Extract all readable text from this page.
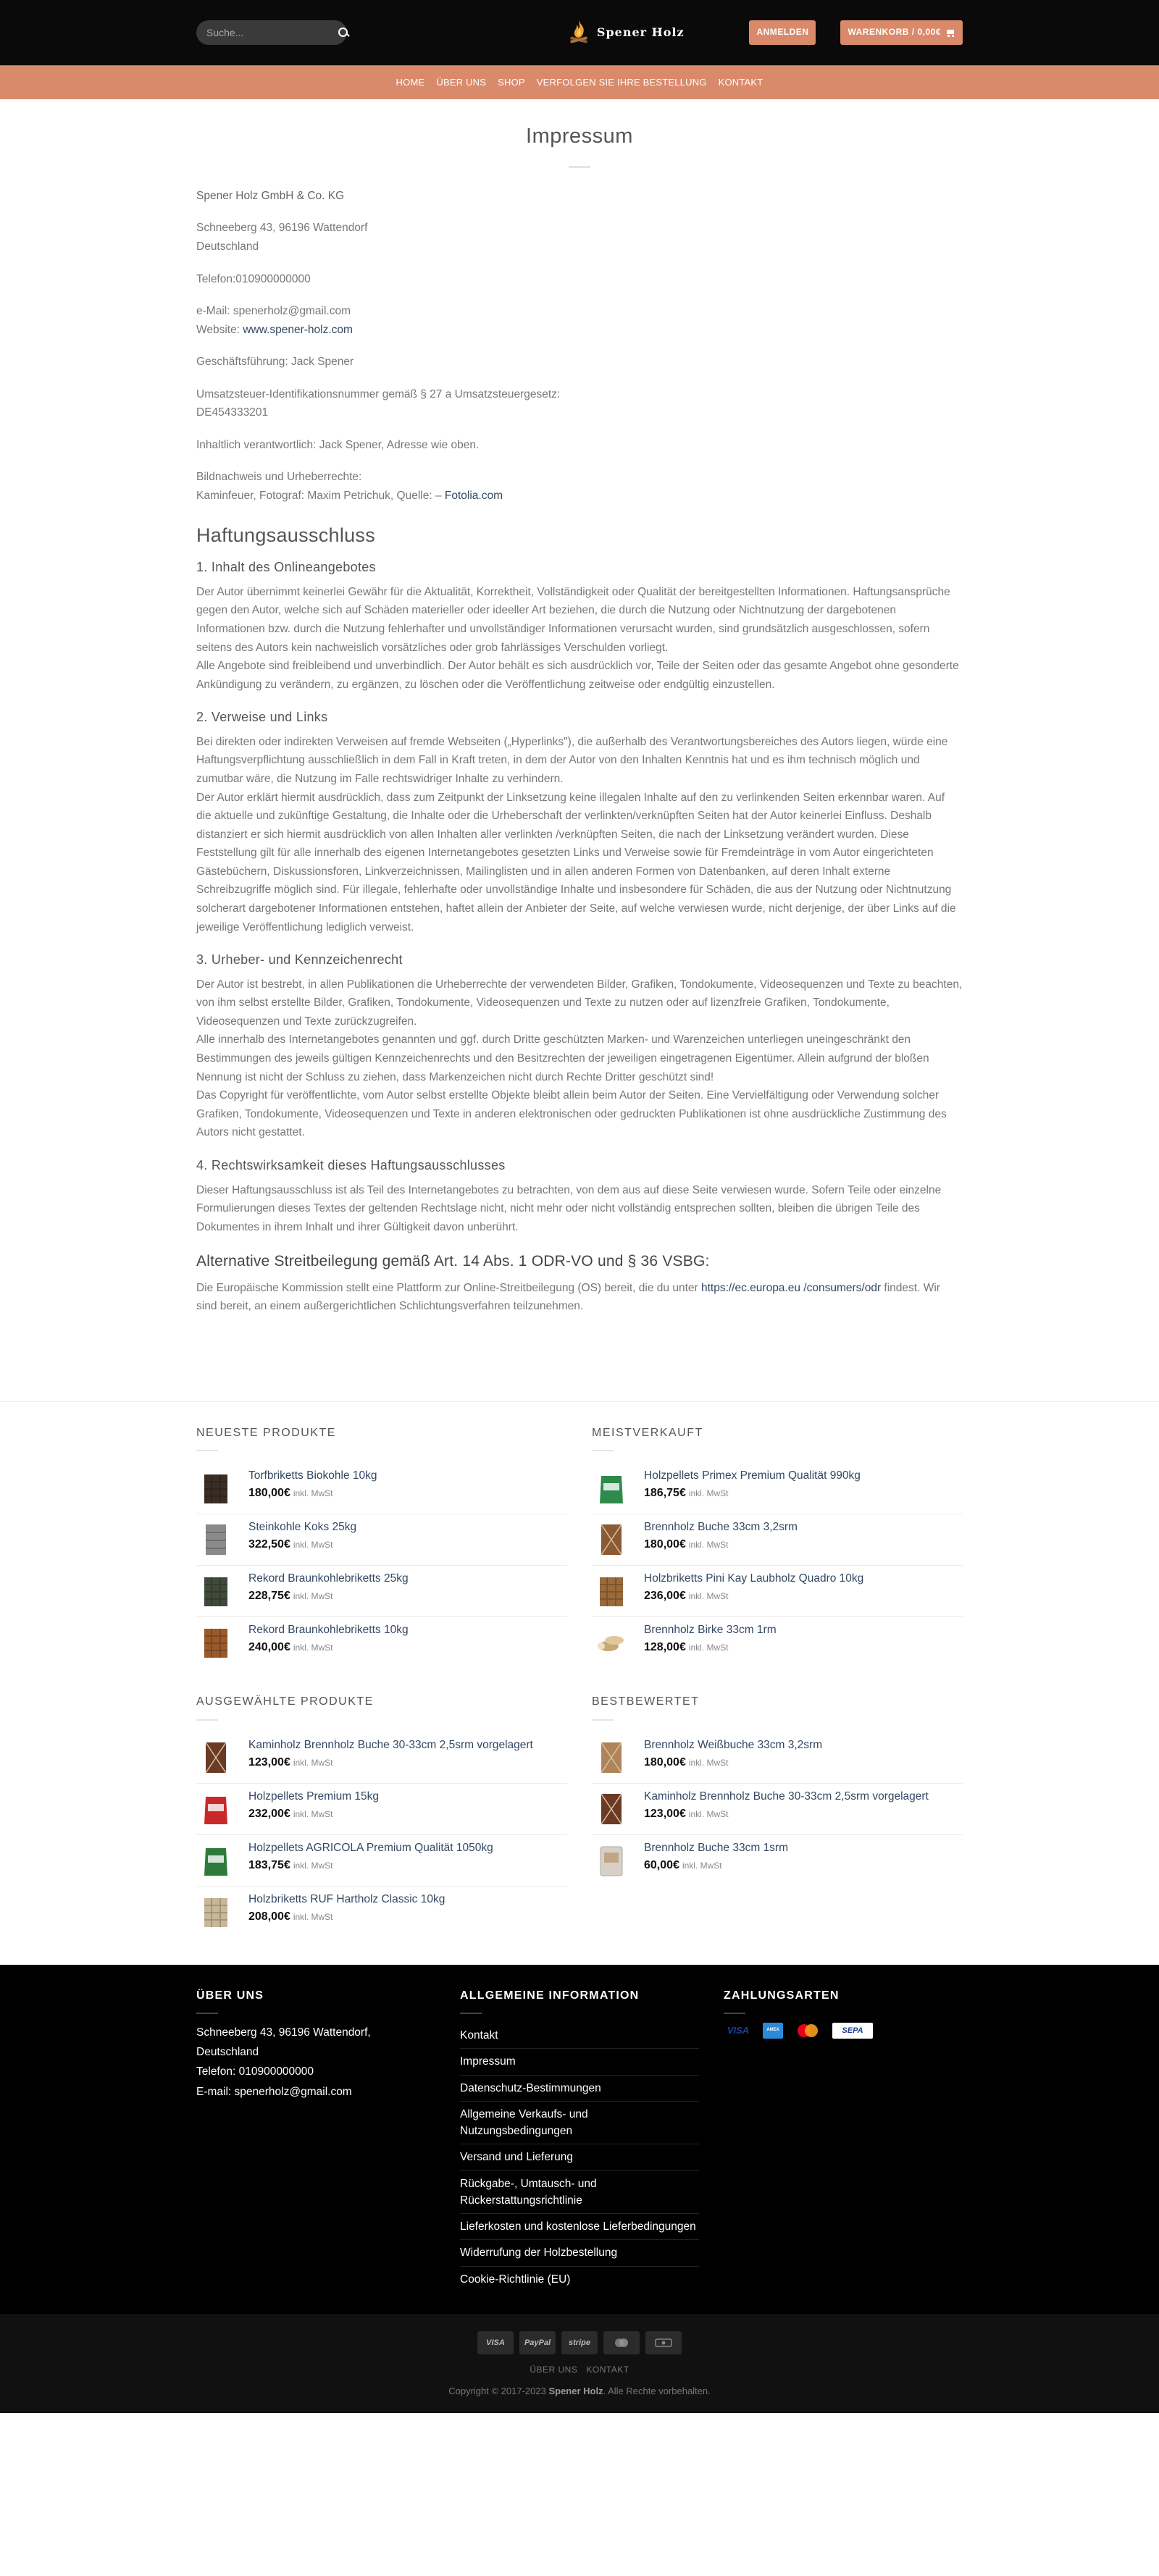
Suche...
Spener Holz	ANMELDEN	WARENKORB / 0,00€
HOME ÜBER UNS SHOP VERFOLGEN SIE IHRE BESTELLUNG KONTAKT
Impressum

Spener Holz GmbH & Co. KG

Schneeberg 43, 96196 Wattendorf
Deutschland

Telefon:010900000000

e-Mail: spenerholz@gmail.com
Website: www.spener-holz.com

Geschäftsführung: Jack Spener

Umsatzsteuer-Identifikationsnummer gemäß § 27 a Umsatzsteuergesetz:
DE454333201

Inhaltlich verantwortlich: Jack Spener, Adresse wie oben.

Bildnachweis und Urheberrechte:
Kaminfeuer, Fotograf: Maxim Petrichuk, Quelle: – Fotolia.com

Haftungsausschluss
1. Inhalt des Onlineangebotes
Der Autor übernimmt keinerlei Gewähr für die Aktualität, Korrektheit, Vollständigkeit oder Qualität der bereitgestellten Informationen. Haftungsansprüche gegen den Autor, welche sich auf Schäden materieller oder ideeller Art beziehen, die durch die Nutzung oder Nichtnutzung der dargebotenen Informationen bzw. durch die Nutzung fehlerhafter und unvollständiger Informationen verursacht wurden, sind grundsätzlich ausgeschlossen, sofern seitens des Autors kein nachweislich vorsätzliches oder grob fahrlässiges Verschulden vorliegt.
Alle Angebote sind freibleibend und unverbindlich. Der Autor behält es sich ausdrücklich vor, Teile der Seiten oder das gesamte Angebot ohne gesonderte Ankündigung zu verändern, zu ergänzen, zu löschen oder die Veröffentlichung zeitweise oder endgültig einzustellen.
2. Verweise und Links
Bei direkten oder indirekten Verweisen auf fremde Webseiten („Hyperlinks"), die außerhalb des Verantwortungsbereiches des Autors liegen, würde eine Haftungsverpflichtung ausschließlich in dem Fall in Kraft treten, in dem der Autor von den Inhalten Kenntnis hat und es ihm technisch möglich und zumutbar wäre, die Nutzung im Falle rechtswidriger Inhalte zu verhindern.
Der Autor erklärt hiermit ausdrücklich, dass zum Zeitpunkt der Linksetzung keine illegalen Inhalte auf den zu verlinkenden Seiten erkennbar waren. Auf die aktuelle und zukünftige Gestaltung, die Inhalte oder die Urheberschaft der verlinkten/verknüpften Seiten hat der Autor keinerlei Einfluss. Deshalb distanziert er sich hiermit ausdrücklich von allen Inhalten aller verlinkten /verknüpften Seiten, die nach der Linksetzung verändert wurden. Diese Feststellung gilt für alle innerhalb des eigenen Internetangebotes gesetzten Links und Verweise sowie für Fremdeinträge in vom Autor eingerichteten Gästebüchern, Diskussionsforen, Linkverzeichnissen, Mailinglisten und in allen anderen Formen von Datenbanken, auf deren Inhalt externe Schreibzugriffe möglich sind. Für illegale, fehlerhafte oder unvollständige Inhalte und insbesondere für Schäden, die aus der Nutzung oder Nichtnutzung solcherart dargebotener Informationen entstehen, haftet allein der Anbieter der Seite, auf welche verwiesen wurde, nicht derjenige, der über Links auf die jeweilige Veröffentlichung lediglich verweist.
3. Urheber- und Kennzeichenrecht
Der Autor ist bestrebt, in allen Publikationen die Urheberrechte der verwendeten Bilder, Grafiken, Tondokumente, Videosequenzen und Texte zu beachten, von ihm selbst erstellte Bilder, Grafiken, Tondokumente, Videosequenzen und Texte zu nutzen oder auf lizenzfreie Grafiken, Tondokumente, Videosequenzen und Texte zurückzugreifen.
Alle innerhalb des Internetangebotes genannten und ggf. durch Dritte geschützten Marken- und Warenzeichen unterliegen uneingeschränkt den Bestimmungen des jeweils gültigen Kennzeichenrechts und den Besitzrechten der jeweiligen eingetragenen Eigentümer. Allein aufgrund der bloßen Nennung ist nicht der Schluss zu ziehen, dass Markenzeichen nicht durch Rechte Dritter geschützt sind!
Das Copyright für veröffentlichte, vom Autor selbst erstellte Objekte bleibt allein beim Autor der Seiten. Eine Vervielfältigung oder Verwendung solcher Grafiken, Tondokumente, Videosequenzen und Texte in anderen elektronischen oder gedruckten Publikationen ist ohne ausdrückliche Zustimmung des Autors nicht gestattet.
4. Rechtswirksamkeit dieses Haftungsausschlusses
Dieser Haftungsausschluss ist als Teil des Internetangebotes zu betrachten, von dem aus auf diese Seite verwiesen wurde. Sofern Teile oder einzelne Formulierungen dieses Textes der geltenden Rechtslage nicht, nicht mehr oder nicht vollständig entsprechen sollten, bleiben die übrigen Teile des Dokumentes in ihrem Inhalt und ihrer Gültigkeit davon unberührt.
Alternative Streitbeilegung gemäß Art. 14 Abs. 1 ODR-VO und § 36 VSBG:
Die Europäische Kommission stellt eine Plattform zur Online-Streitbeilegung (OS) bereit, die du unter https://ec.europa.eu /consumers/odr findest. Wir sind bereit, an einem außergerichtlichen Schlichtungsverfahren teilzunehmen.
NEUESTE PRODUKTE
Torfbriketts Biokohle 10kg
180,00€ inkl. MwSt
Steinkohle Koks 25kg
322,50€ inkl. MwSt
Rekord Braunkohlebriketts 25kg
228,75€ inkl. MwSt
Rekord Braunkohlebriketts 10kg
240,00€ inkl. MwSt
MEISTVERKAUFT
Holzpellets Primex Premium Qualität 990kg
186,75€ inkl. MwSt
Brennholz Buche 33cm 3,2srm
180,00€ inkl. MwSt
Holzbriketts Pini Kay Laubholz Quadro 10kg
236,00€ inkl. MwSt
Brennholz Birke 33cm 1rm
128,00€ inkl. MwSt
AUSGEWÄHLTE PRODUKTE
Kaminholz Brennholz Buche 30-33cm 2,5srm vorgelagert
123,00€ inkl. MwSt
Holzpellets Premium 15kg
232,00€ inkl. MwSt
Holzpellets AGRICOLA Premium Qualität 1050kg
183,75€ inkl. MwSt
Holzbriketts RUF Hartholz Classic 10kg
208,00€ inkl. MwSt
BESTBEWERTET
Brennholz Weißbuche 33cm 3,2srm
180,00€ inkl. MwSt
Kaminholz Brennholz Buche 30-33cm 2,5srm vorgelagert
123,00€ inkl. MwSt
Brennholz Buche 33cm 1srm
60,00€ inkl. MwSt
ÜBER UNS
Schneeberg 43, 96196 Wattendorf, Deutschland
Telefon: 010900000000
E-mail: spenerholz@gmail.com
ALLGEMEINE INFORMATION
Kontakt
Impressum
Datenschutz-Bestimmungen
Allgemeine Verkaufs- und Nutzungsbedingungen
Versand und Lieferung
Rückgabe-, Umtausch- und Rückerstattungsrichtlinie
Lieferkosten und kostenlose Lieferbedingungen
Widerrufung der Holzbestellung
Cookie-Richtlinie (EU)
ZAHLUNGSARTEN
VISA	AMEX	SEPA
VISA	PayPal	stripe
ÜBER UNS KONTAKT
Copyright © 2017-2023 Spener Holz. Alle Rechte vorbehalten.
